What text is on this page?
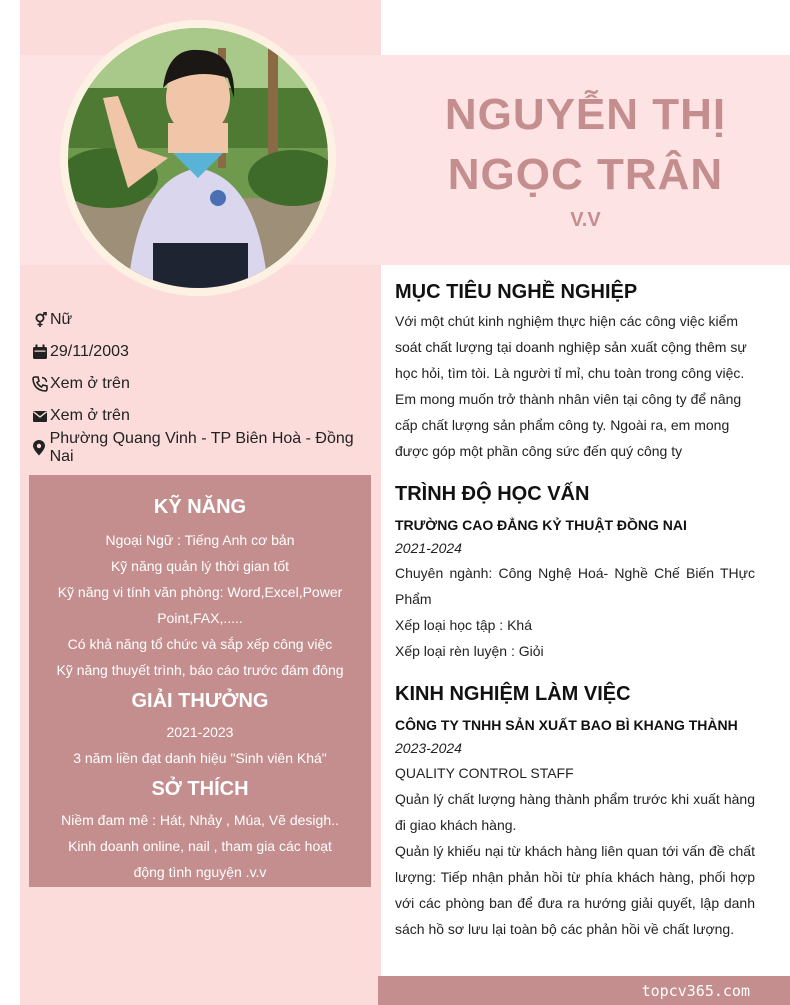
NGUYỄN THỊ
NGỌC TRÂN
V.V
Nữ
29/11/2003
Xem ở trên
Xem ở trên
Phường Quang Vinh - TP Biên Hoà - Đồng Nai
KỸ NĂNG
Ngoại Ngữ : Tiếng Anh cơ bản
Kỹ năng quản lý thời gian tốt
Kỹ năng vi tính văn phòng: Word,Excel,Power Point,FAX,.....
Có khả năng tổ chức và sắp xếp công việc
Kỹ năng thuyết trình, báo cáo trước đám đông
GIẢI THƯỞNG
2021-2023
3 năm liền đạt danh hiệu "Sinh viên Khá"
SỞ THÍCH
Niềm đam mê : Hát, Nhảy , Múa, Vẽ desigh..
Kinh doanh online, nail , tham gia các hoạt động tình nguyện .v.v
MỤC TIÊU NGHỀ NGHIỆP
Với một chút kinh nghiệm thực hiện các công việc kiểm soát chất lượng tại doanh nghiệp sản xuất cộng thêm sự học hỏi, tìm tòi. Là người tỉ mỉ, chu toàn trong công việc. Em mong muốn trở thành nhân viên tại công ty để nâng cấp chất lượng sản phẩm công ty. Ngoài ra, em mong được góp một phần công sức đến quý công ty
TRÌNH ĐỘ HỌC VẤN
TRƯỜNG CAO ĐẲNG KỶ THUẬT ĐỒNG NAI
2021-2024
Chuyên ngành: Công Nghệ Hoá- Nghề Chế Biến THực Phẩm
Xếp loại học tập : Khá
Xếp loại rèn luyện : Giỏi
KINH NGHIỆM LÀM VIỆC
CÔNG TY TNHH SẢN XUẤT BAO BÌ KHANG THÀNH
2023-2024
QUALITY CONTROL STAFF
Quản lý chất lượng hàng thành phẩm trước khi xuất hàng đi giao khách hàng.
Quản lý khiếu nại từ khách hàng liên quan tới vấn đề chất lượng: Tiếp nhận phản hồi từ phía khách hàng, phối hợp với các phòng ban để đưa ra hướng giải quyết, lập danh sách hồ sơ lưu lại toàn bộ các phản hồi về chất lượng.
topcv365.com
